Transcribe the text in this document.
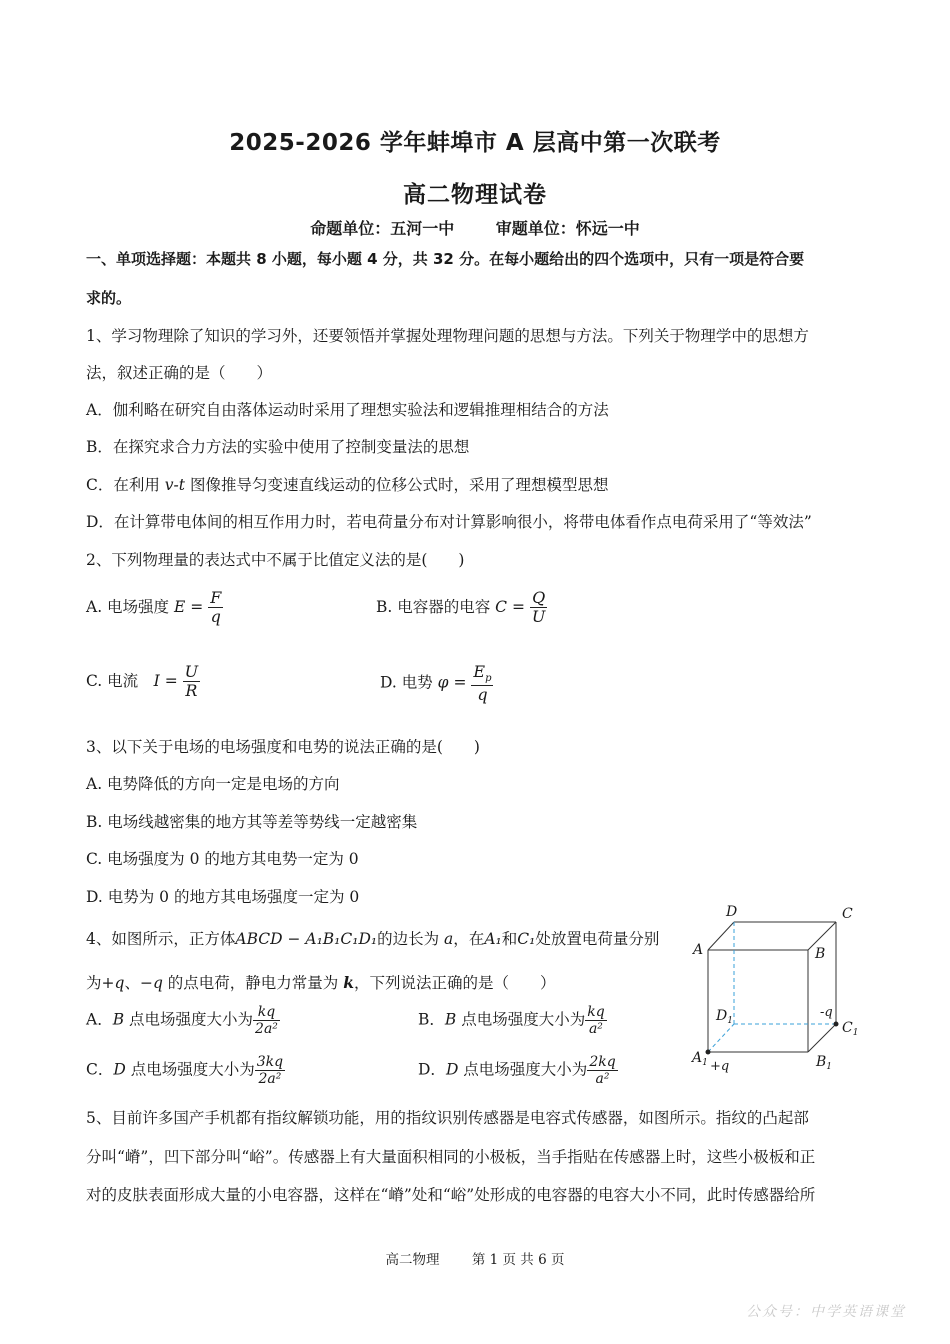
2025-2026 学年蚌埠市 A 层高中第一次联考
高二物理试卷
命题单位：五河一中	审题单位：怀远一中
一、单项选择题：本题共 8 小题，每小题 4 分，共 32 分。在每小题给出的四个选项中，只有一项是符合要
求的。
1、学习物理除了知识的学习外，还要领悟并掌握处理物理问题的思想与方法。下列关于物理学中的思想方
法，叙述正确的是（　　）
A．伽利略在研究自由落体运动时采用了理想实验法和逻辑推理相结合的方法
B．在探究求合力方法的实验中使用了控制变量法的思想
C．在利用 v-t 图像推导匀变速直线运动的位移公式时，采用了理想模型思想
D．在计算带电体间的相互作用力时，若电荷量分布对计算影响很小，将带电体看作点电荷采用了“等效法”
2、下列物理量的表达式中不属于比值定义法的是(　　)
A. 电场强度 $E = \frac{F}{q}$	B. 电容器的电容 $C = \frac{Q}{U}$
C. 电流　$I = \frac{U}{R}$	D. 电势 $\varphi = \frac{E_p}{q}$
3、以下关于电场的电场强度和电势的说法正确的是(　　)
A. 电势降低的方向一定是电场的方向
B. 电场线越密集的地方其等差等势线一定越密集
C. 电场强度为 0 的地方其电势一定为 0
D. 电势为 0 的地方其电场强度一定为 0
4、如图所示，正方体ABCD − A₁B₁C₁D₁的边长为 a，在A₁和C₁处放置电荷量分别
为+q、−q 的点电荷，静电力常量为 k，下列说法正确的是（　　）
A．B 点电场强度大小为 $\frac{kq}{\text{2a²}}$	B．B 点电场强度大小为 $\frac{kq}{\text{a²}}$
C．D 点电场强度大小为 $\frac{3kq}{\text{2a²}}$	D．D 点电场强度大小为 $\frac{2kq}{\text{a²}}$
D	C
A	B
$D_1$	$C_1$
$A_1 +q$	$B_1$
-q
5、目前许多国产手机都有指纹解锁功能，用的指纹识别传感器是电容式传感器，如图所示。指纹的凸起部
分叫“嵴”，凹下部分叫“峪”。传感器上有大量面积相同的小极板，当手指贴在传感器上时，这些小极板和正
对的皮肤表面形成大量的小电容器，这样在“嵴”处和“峪”处形成的电容器的电容大小不同，此时传感器给所
高二物理 第 1 页 共 6 页
公众号：中学英语课堂
